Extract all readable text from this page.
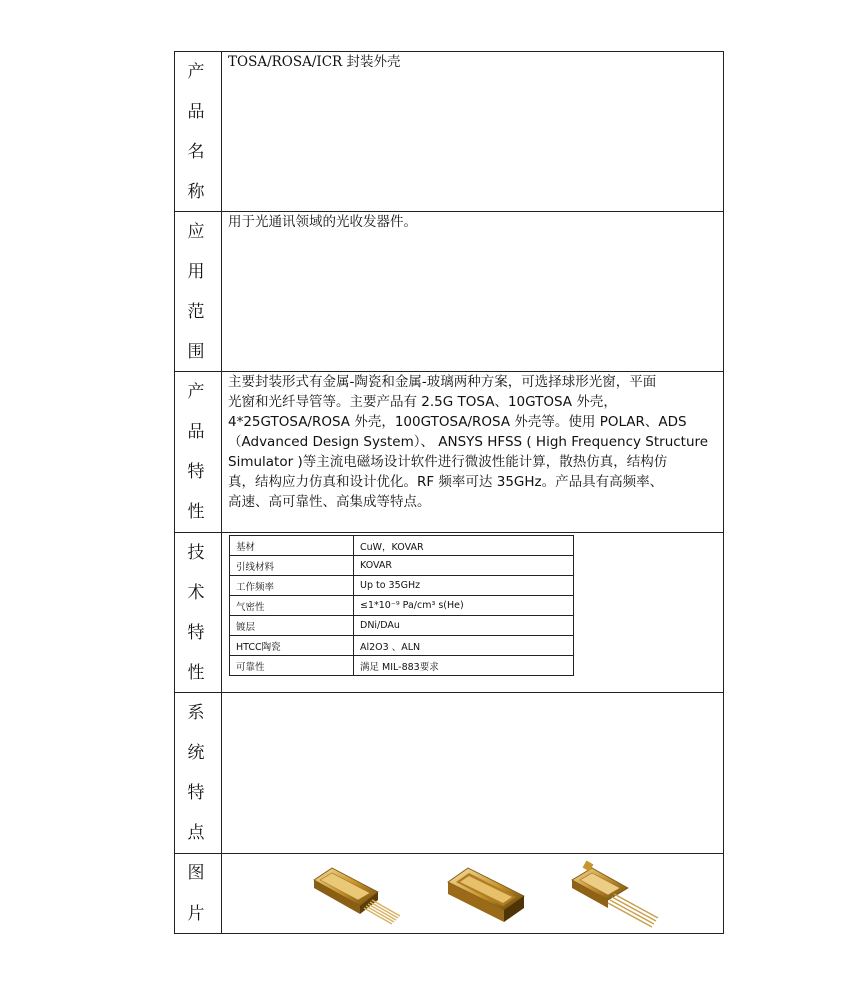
产
品
名
称

TOSA/ROSA/ICR 封装外壳

应
用
范
围

用于光通讯领域的光收发器件。

产
品
特
性

主要封装形式有金属-陶瓷和金属-玻璃两种方案，可选择球形光窗，平面

光窗和光纤导管等。主要产品有 2.5G TOSA、10GTOSA 外壳，

4*25GTOSA/ROSA 外壳，100GTOSA/ROSA 外壳等。使用 POLAR、ADS

（Advanced Design System）、 ANSYS HFSS ( High Frequency Structure

Simulator )等主流电磁场设计软件进行微波性能计算，散热仿真，结构仿

真，结构应力仿真和设计优化。RF 频率可达 35GHz。产品具有高频率、

高速、高可靠性、高集成等特点。

技
术
特
性
基材	CuW，KOVAR
引线材料	KOVAR
工作频率	Up to 35GHz
气密性	≤1*10⁻⁹ Pa/cm³ s(He)
镀层	DNi/DAu
HTCC陶瓷	Al2O3 、ALN
可靠性	满足 MIL-883要求
系
统
特
点
图
片
